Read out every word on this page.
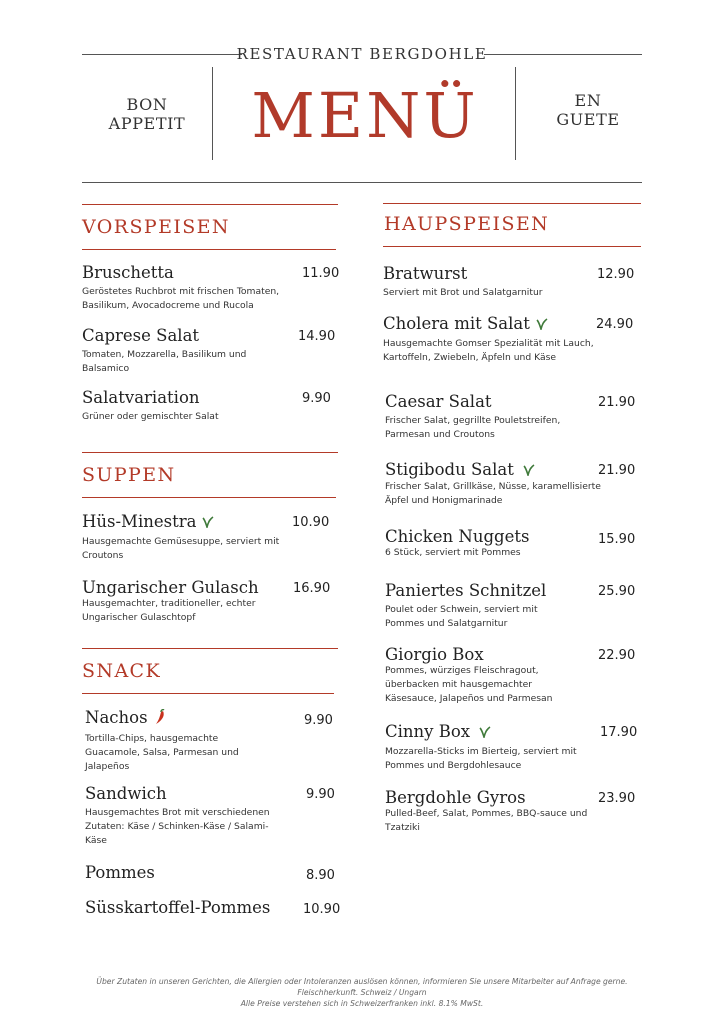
RESTAURANT BERGDOHLE
BON
APPETIT	MENÜ	EN
GUETE
VORSPEISEN
Bruschetta	11.90
Geröstetes Ruchbrot mit frischen Tomaten, Basilikum, Avocadocreme und Rucola
Caprese Salat	14.90
Tomaten, Mozzarella, Basilikum und Balsamico
Salatvariation	9.90
Grüner oder gemischter Salat
SUPPEN
Hüs-Minestra	10.90
Hausgemachte Gemüsesuppe, serviert mit Croutons
Ungarischer Gulasch	16.90
Hausgemachter, traditioneller, echter Ungarischer Gulaschtopf
SNACK
Nachos	9.90
Tortilla-Chips, hausgemachte Guacamole, Salsa, Parmesan und Jalapeños
Sandwich	9.90
Hausgemachtes Brot mit verschiedenen Zutaten: Käse / Schinken-Käse / Salami-Käse
Pommes	8.90
Süsskartoffel-Pommes	10.90
HAUPSPEISEN
Bratwurst	12.90
Serviert mit Brot und Salatgarnitur
Cholera mit Salat	24.90
Hausgemachte Gomser Spezialität mit Lauch, Kartoffeln, Zwiebeln, Äpfeln und Käse
Caesar Salat	21.90
Frischer Salat, gegrillte Pouletstreifen, Parmesan und Croutons
Stigibodu Salat	21.90
Frischer Salat, Grillkäse, Nüsse, karamellisierte Äpfel und Honigmarinade
Chicken Nuggets	15.90
6 Stück, serviert mit Pommes
Paniertes Schnitzel	25.90
Poulet oder Schwein, serviert mit Pommes und Salatgarnitur
Giorgio Box	22.90
Pommes, würziges Fleischragout, überbacken mit hausgemachter Käsesauce, Jalapeños und Parmesan
Cinny Box	17.90
Mozzarella-Sticks im Bierteig, serviert mit Pommes und Bergdohlesauce
Bergdohle Gyros	23.90
Pulled-Beef, Salat, Pommes, BBQ-sauce und Tzatziki
Über Zutaten in unseren Gerichten, die Allergien oder Intoleranzen auslösen können, informieren Sie unsere Mitarbeiter auf Anfrage gerne.
Fleischherkunft. Schweiz / Ungarn
Alle Preise verstehen sich in Schweizerfranken inkl. 8.1% MwSt.
